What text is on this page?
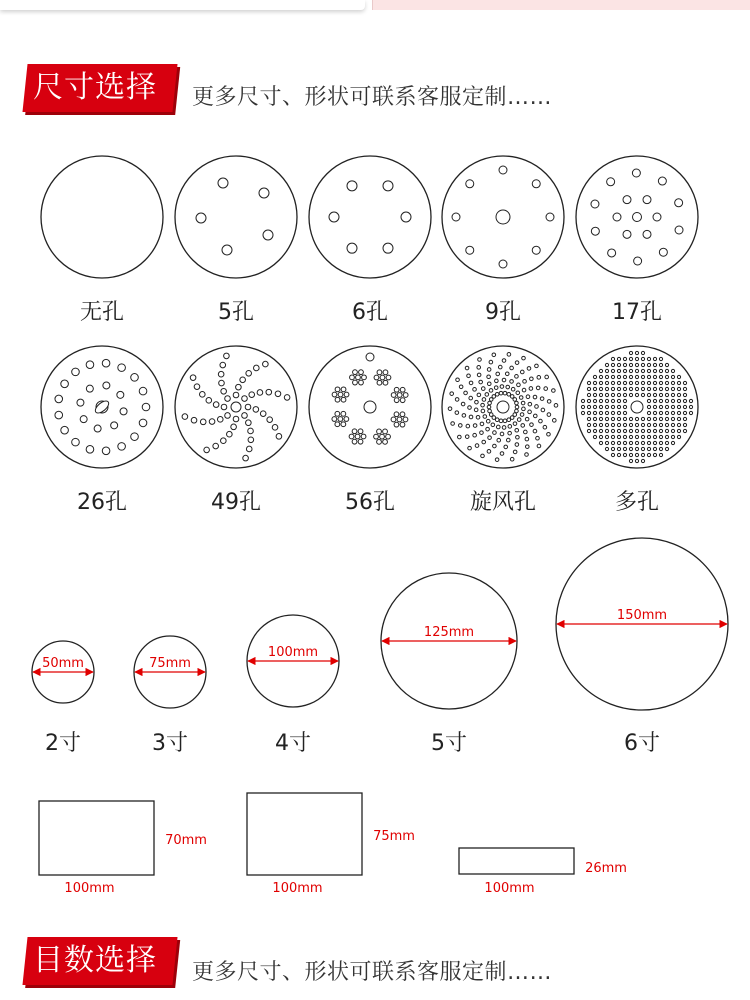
尺寸选择	更多尺寸、形状可联系客服定制……
无孔	5孔	6孔	9孔	17孔
26孔	49孔	56孔	旋风孔	多孔
50mm
2寸
75mm
3寸
100mm
4寸
125mm
5寸
150mm
6寸
100mm
70mm
100mm
75mm
100mm
26mm
目数选择	更多尺寸、形状可联系客服定制……
